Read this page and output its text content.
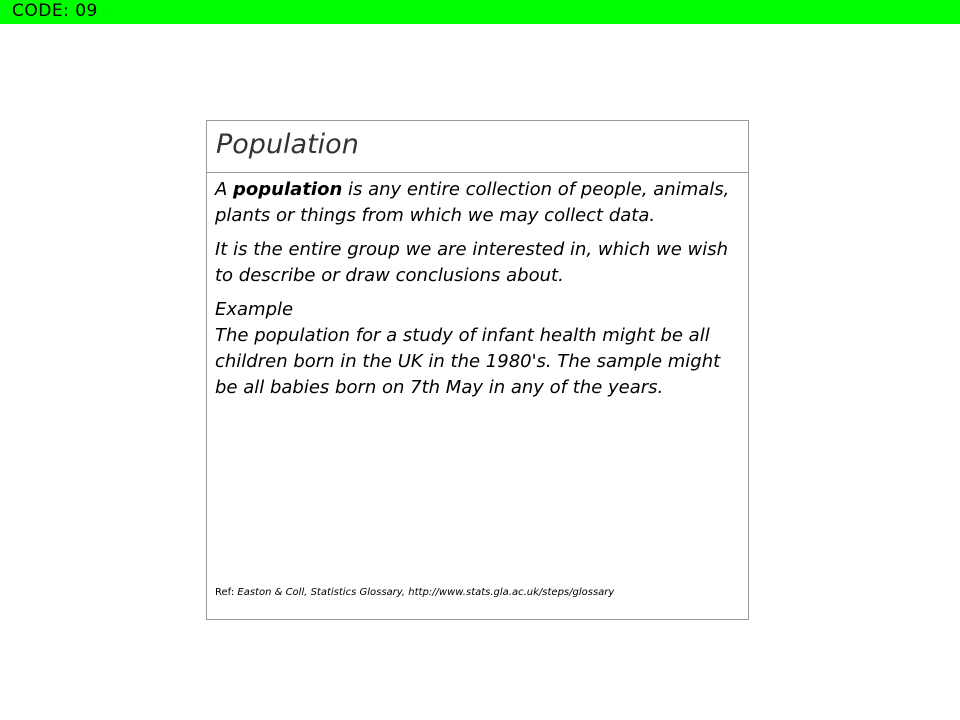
CODE: 09
Population

A population is any entire collection of people, animals, plants or things from which we may collect data.

It is the entire group we are interested in, which we wish to describe or draw conclusions about.

Example
The population for a study of infant health might be all children born in the UK in the 1980's. The sample might be all babies born on 7th May in any of the years.

Ref: Easton & Coll, Statistics Glossary, http://www.stats.gla.ac.uk/steps/glossary
